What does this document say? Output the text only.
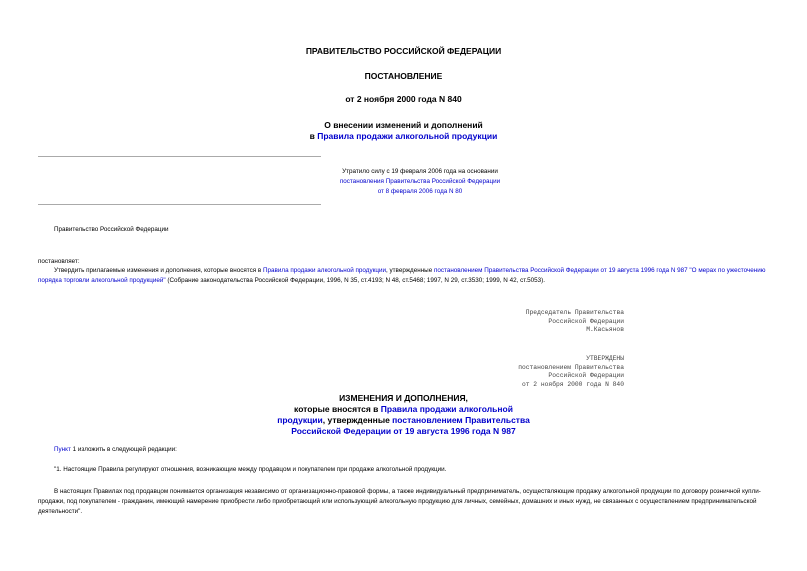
ПРАВИТЕЛЬСТВО РОССИЙСКОЙ ФЕДЕРАЦИИ
ПОСТАНОВЛЕНИЕ
от 2 ноября 2000 года N 840
О внесении изменений и дополнений
в Правила продажи алкогольной продукции
Утратило силу с 19 февраля 2006 года на основании
постановления Правительства Российской Федерации
от 8 февраля 2006 года N 80
Правительство Российской Федерации
постановляет:
Утвердить прилагаемые изменения и дополнения, которые вносятся в Правила продажи алкогольной продукции, утвержденные постановлением Правительства Российской Федерации от 19 августа 1996 года N 987 "О мерах по ужесточению порядка торговли алкогольной продукцией" (Собрание законодательства Российской Федерации, 1996, N 35, ст.4193; N 48, ст.5468; 1997, N 29, ст.3530; 1999, N 42, ст.5053).
Председатель Правительства
Российской Федерации
М.Касьянов
УТВЕРЖДЕНЫ
постановлением Правительства
Российской Федерации
от 2 ноября 2000 года N 840
ИЗМЕНЕНИЯ И ДОПОЛНЕНИЯ,
которые вносятся в Правила продажи алкогольной
продукции, утвержденные постановлением Правительства
Российской Федерации от 19 августа 1996 года N 987
Пункт 1 изложить в следующей редакции:
"1. Настоящие Правила регулируют отношения, возникающие между продавцом и покупателем при продаже алкогольной продукции.
В настоящих Правилах под продавцом понимается организация независимо от организационно-правовой формы, а также индивидуальный предприниматель, осуществляющие продажу алкогольной продукции по договору розничной купли-продажи, под покупателем - гражданин, имеющий намерение приобрести либо приобретающий или использующий алкогольную продукцию для личных, семейных, домашних и иных нужд, не связанных с осуществлением предпринимательской деятельности".
